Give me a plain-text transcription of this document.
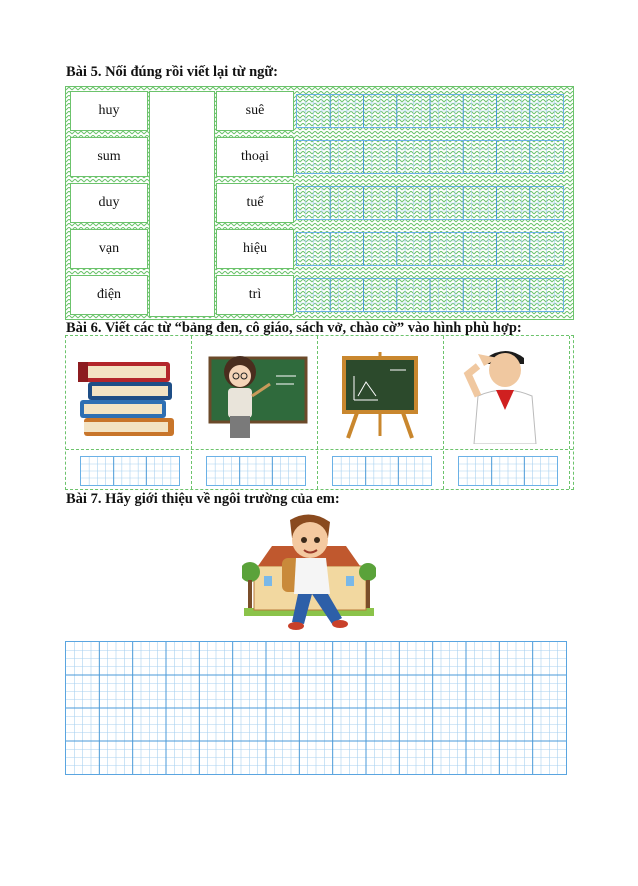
Bài 5. Nối đúng rồi viết lại từ ngữ:
huy	suê
sum	thoại
duy	tuế
vạn	hiệu
điện	trì
Bài 6. Viết các từ “bảng đen, cô giáo, sách vở, chào cờ” vào hình phù hợp:
Bài 7. Hãy giới thiệu về ngôi trường của em:
